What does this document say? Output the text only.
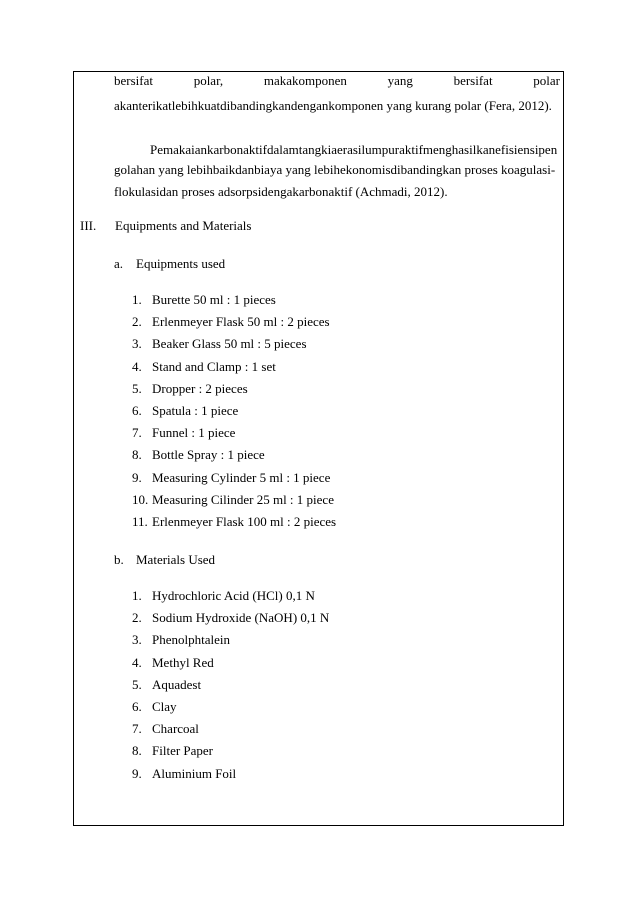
bersifat	polar,	makakomponen	yang	bersifat	polar
akanterikatlebihkuatdibandingkandengankomponen yang kurang polar (Fera, 2012).
Pemakaiankarbonaktifdalamtangkiaerasilumpuraktifmenghasilkanefisiensipen
golahan yang lebihbaikdanbiaya yang lebihekonomisdibandingkan proses koagulasi-
flokulasidan proses adsorpsidengakarbonaktif (Achmadi, 2012).
III. Equipments and Materials
a. Equipments used
1. Burette 50 ml : 1 pieces
2. Erlenmeyer Flask 50 ml : 2 pieces
3. Beaker Glass 50 ml : 5 pieces
4. Stand and Clamp : 1 set
5. Dropper : 2 pieces
6. Spatula : 1 piece
7. Funnel : 1 piece
8. Bottle Spray : 1 piece
9. Measuring Cylinder 5 ml : 1 piece
10. Measuring Cilinder 25 ml : 1 piece
11. Erlenmeyer Flask 100 ml : 2 pieces
b. Materials Used
1. Hydrochloric Acid (HCl) 0,1 N
2. Sodium Hydroxide (NaOH) 0,1 N
3. Phenolphtalein
4. Methyl Red
5. Aquadest
6. Clay
7. Charcoal
8. Filter Paper
9. Aluminium Foil
